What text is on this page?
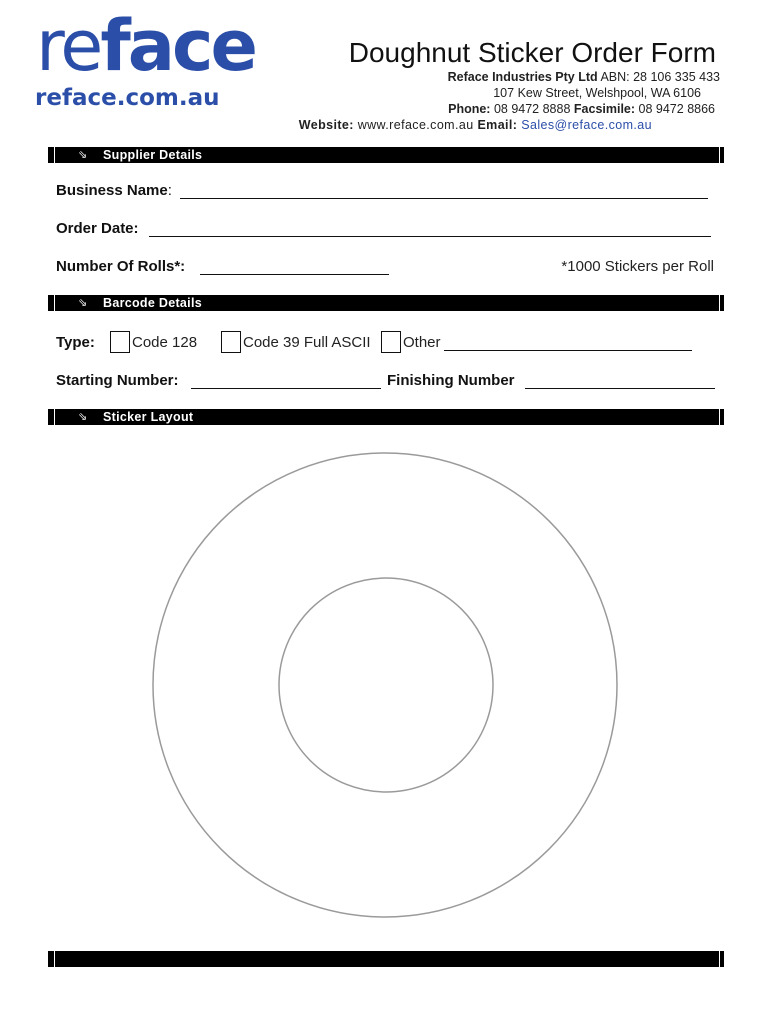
reface
reface.com.au
Doughnut Sticker Order Form
Reface Industries Pty Ltd ABN: 28 106 335 433
107 Kew Street, Welshpool, WA 6106
Phone: 08 9472 8888 Facsimile: 08 9472 8866
Website: www.reface.com.au Email: Sales@reface.com.au
⇘ Supplier Details
Business Name:
Order Date:
Number Of Rolls*:	*1000 Stickers per Roll
⇘ Barcode Details
Type: Code 128	Code 39 Full ASCII Other
Starting Number:	Finishing Number
⇘ Sticker Layout
